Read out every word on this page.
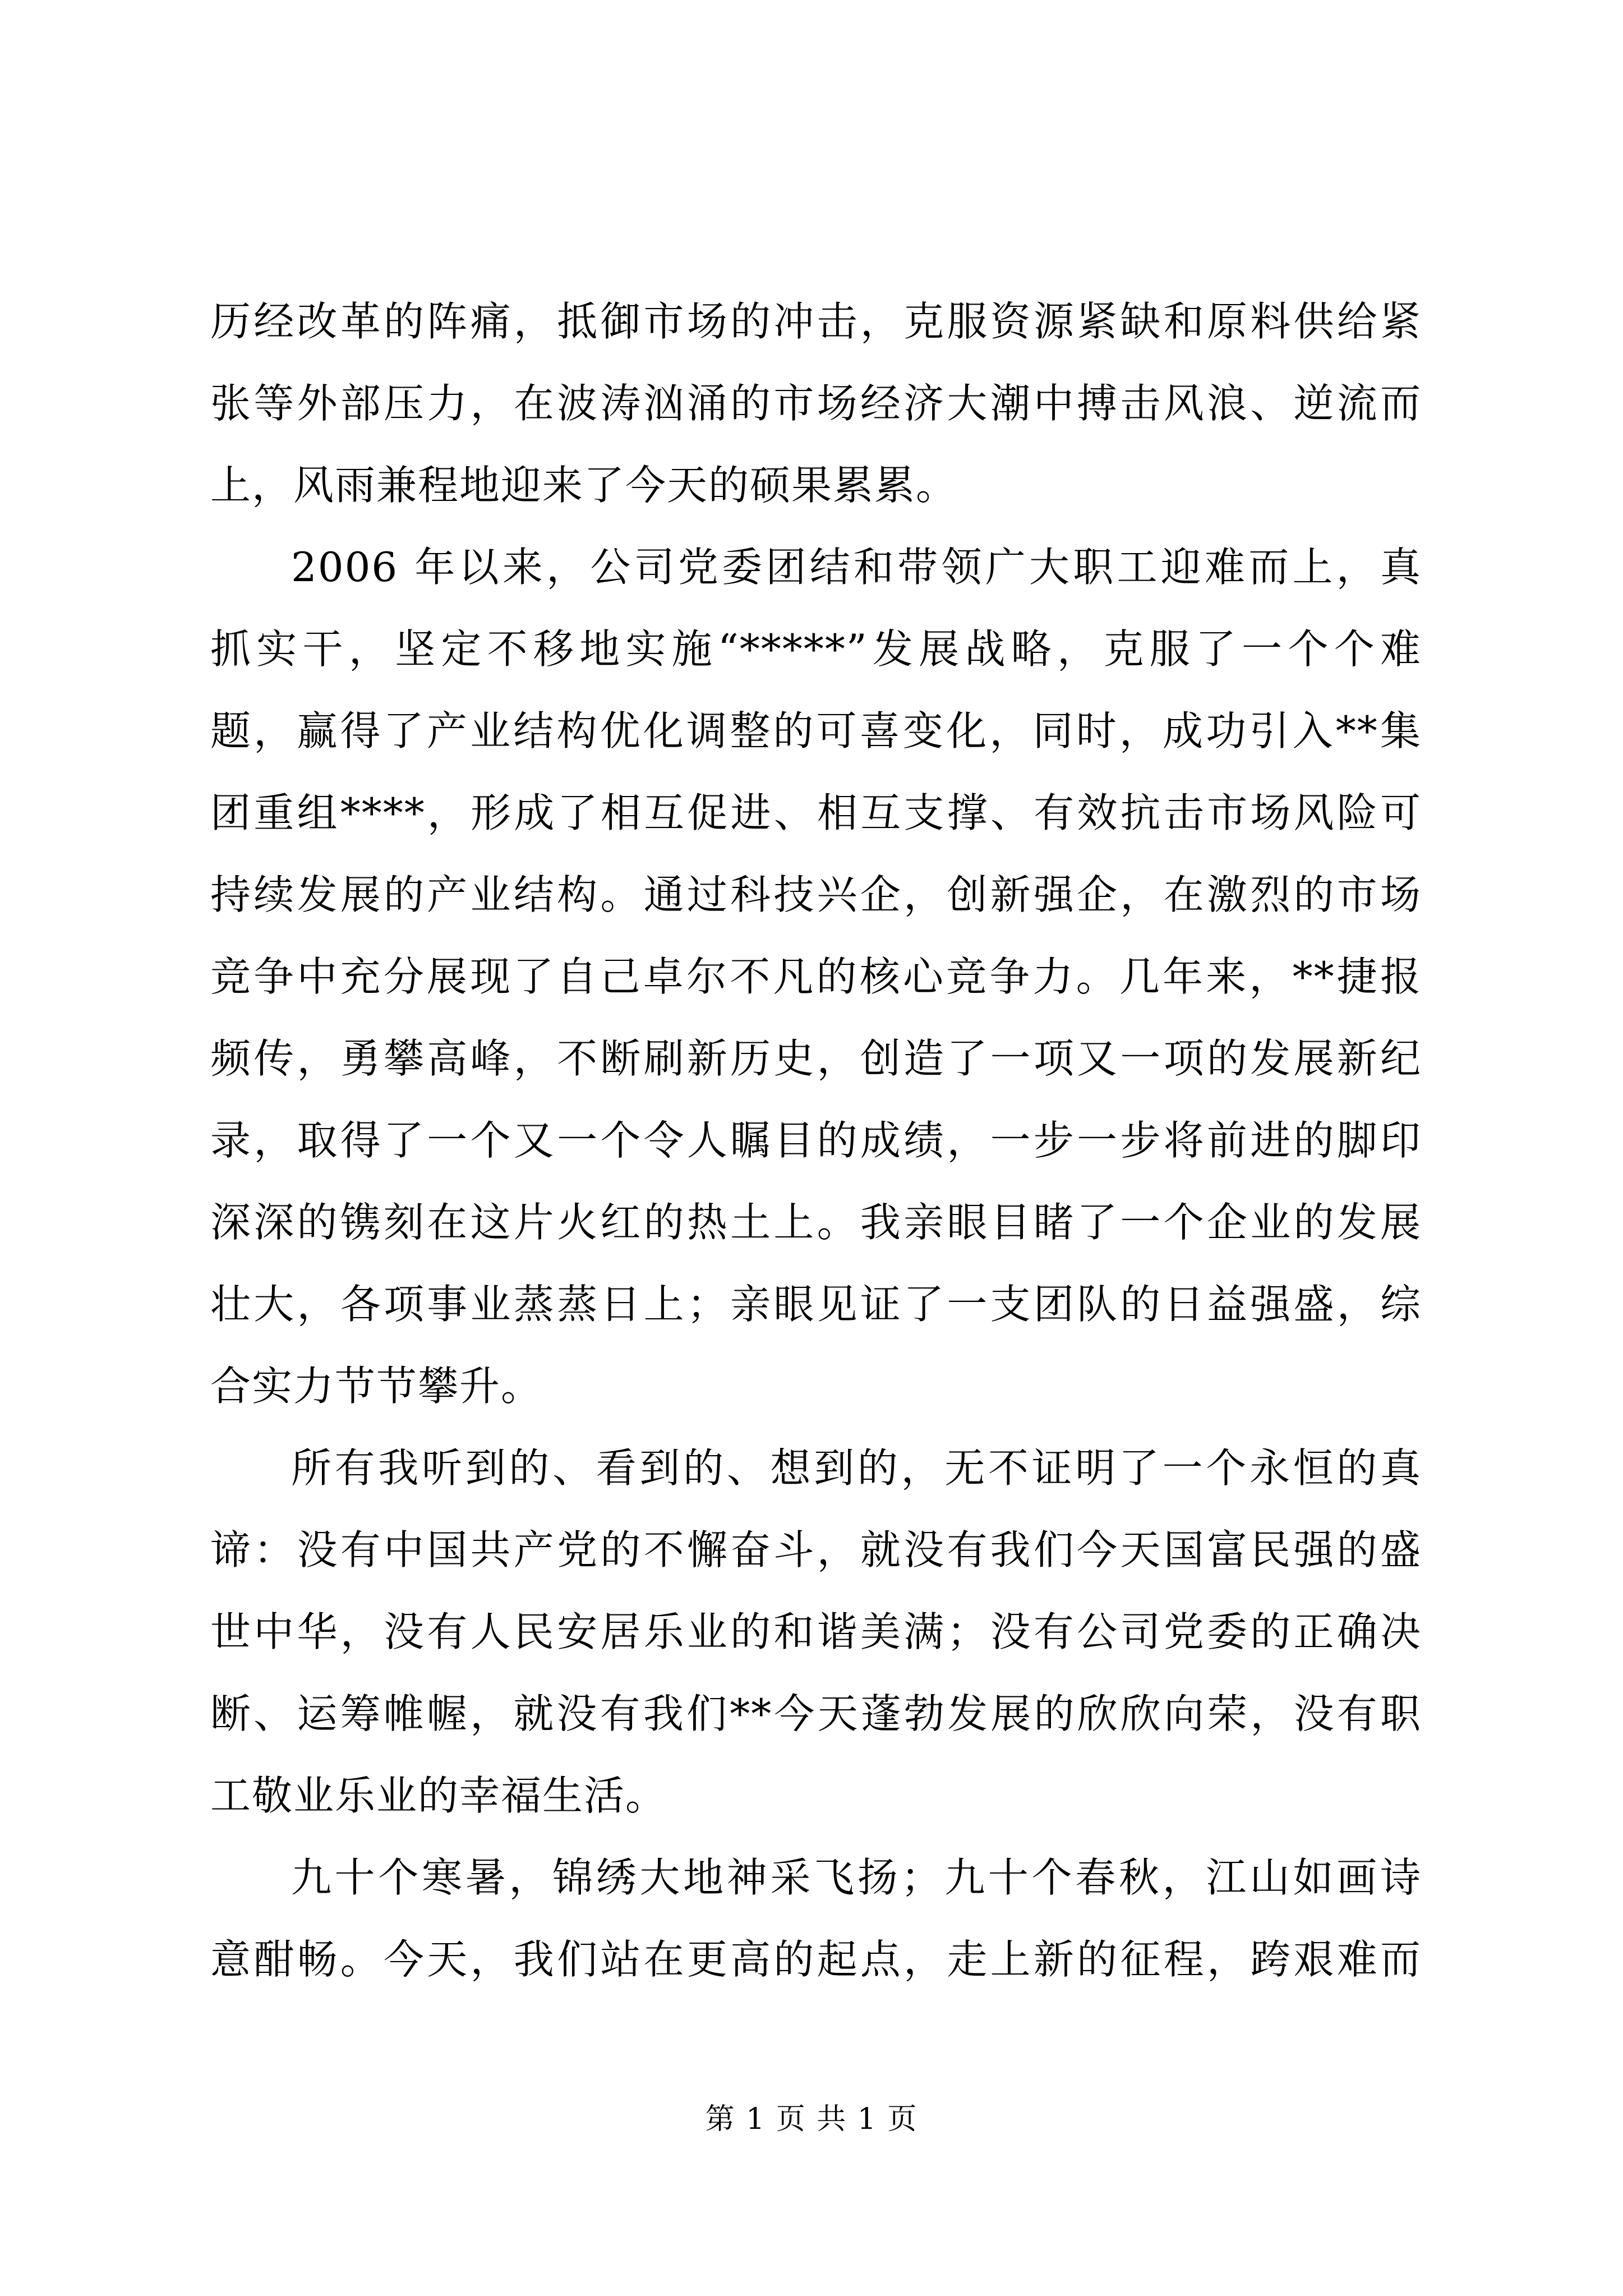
历经改革的阵痛，抵御市场的冲击，克服资源紧缺和原料供给紧
张等外部压力，在波涛汹涌的市场经济大潮中搏击风浪、逆流而
上，风雨兼程地迎来了今天的硕果累累。
2006 年以来，公司党委团结和带领广大职工迎难而上，真
抓实干，坚定不移地实施“*****”发展战略，克服了一个个难
题，赢得了产业结构优化调整的可喜变化，同时，成功引入**集
团重组****，形成了相互促进、相互支撑、有效抗击市场风险可
持续发展的产业结构。通过科技兴企，创新强企，在激烈的市场
竞争中充分展现了自己卓尔不凡的核心竞争力。几年来，**捷报
频传，勇攀高峰，不断刷新历史，创造了一项又一项的发展新纪
录，取得了一个又一个令人瞩目的成绩，一步一步将前进的脚印
深深的镌刻在这片火红的热土上。我亲眼目睹了一个企业的发展
壮大，各项事业蒸蒸日上；亲眼见证了一支团队的日益强盛，综
合实力节节攀升。
所有我听到的、看到的、想到的，无不证明了一个永恒的真
谛：没有中国共产党的不懈奋斗，就没有我们今天国富民强的盛
世中华，没有人民安居乐业的和谐美满；没有公司党委的正确决
断、运筹帷幄，就没有我们**今天蓬勃发展的欣欣向荣，没有职
工敬业乐业的幸福生活。
九十个寒暑，锦绣大地神采飞扬；九十个春秋，江山如画诗
意酣畅。今天，我们站在更高的起点，走上新的征程，跨艰难而
第 1 页 共 1 页
